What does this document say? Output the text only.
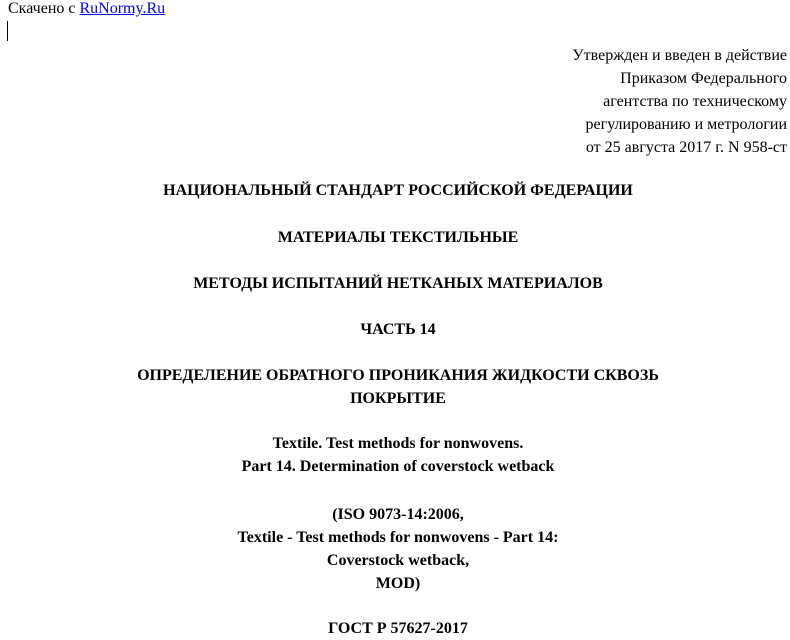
Скачено с RuNormy.Ru
Утвержден и введен в действие
Приказом Федерального
агентства по техническому
регулированию и метрологии
от 25 августа 2017 г. N 958-ст
НАЦИОНАЛЬНЫЙ СТАНДАРТ РОССИЙСКОЙ ФЕДЕРАЦИИ
МАТЕРИАЛЫ ТЕКСТИЛЬНЫЕ
МЕТОДЫ ИСПЫТАНИЙ НЕТКАНЫХ МАТЕРИАЛОВ
ЧАСТЬ 14
ОПРЕДЕЛЕНИЕ ОБРАТНОГО ПРОНИКАНИЯ ЖИДКОСТИ СКВОЗЬ
ПОКРЫТИЕ
Textile. Test methods for nonwovens.
Part 14. Determination of coverstock wetback
(ISO 9073-14:2006,
Textile - Test methods for nonwovens - Part 14:
Coverstock wetback,
MOD)
ГОСТ Р 57627-2017
